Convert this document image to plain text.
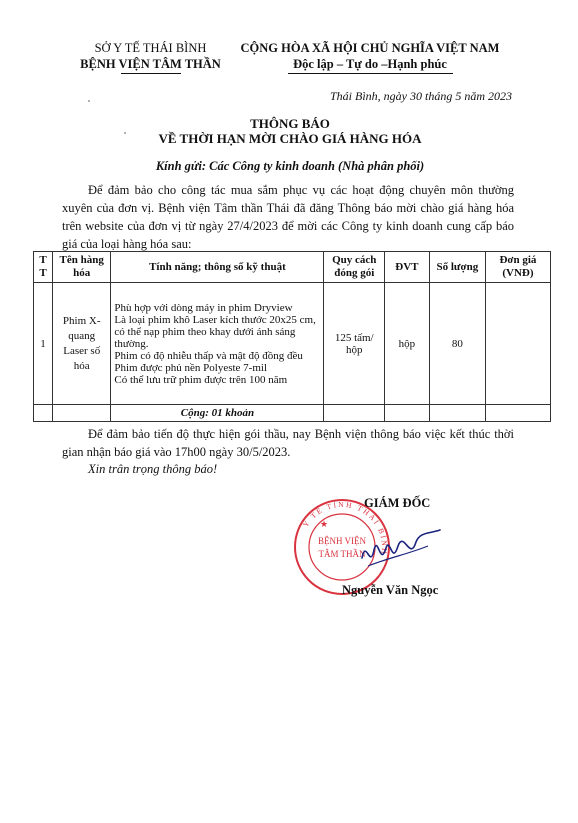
SỞ Y TẾ THÁI BÌNH
BỆNH VIỆN TÂM THẦN
CỘNG HÒA XÃ HỘI CHỦ NGHĨA VIỆT NAM
Độc lập – Tự do –Hạnh phúc
Thái Bình, ngày 30 tháng 5 năm 2023
THÔNG BÁO
VỀ THỜI HẠN MỜI CHÀO GIÁ HÀNG HÓA
Kính gửi: Các Công ty kinh doanh (Nhà phân phối)
Để đảm bảo cho công tác mua sắm phục vụ các hoạt động chuyên môn thường xuyên của đơn vị. Bệnh viện Tâm thần Thái đã đăng Thông báo mời chào giá hàng hóa trên website của đơn vị từ ngày 27/4/2023 để mời các Công ty kinh doanh cung cấp báo giá của loại hàng hóa sau:
T T	Tên hàng hóa	Tính năng; thông số kỹ thuật	Quy cách đóng gói	ĐVT	Số lượng	Đơn giá (VNĐ)
1	Phim X-quang Laser số hóa	Phù hợp với dòng máy in phim Dryview
Là loại phim khô Laser kích thước 20x25 cm, có thể nạp phim theo khay dưới ánh sáng thường.
Phim có độ nhiễu thấp và mật độ đồng đều
Phim được phủ nền Polyeste 7-mil
Có thể lưu trữ phim được trên 100 năm	125 tấm/ hộp	hộp	80	
		Cộng: 01 khoản				
Để đảm bảo tiến độ thực hiện gói thầu, nay Bệnh viện thông báo việc kết thúc thời gian nhận báo giá vào 17h00 ngày 30/5/2023.
Xin trân trọng thông báo!
Y TẾ TỈNH THÁI BÌNH
BỆNH VIỆN
TÂM THẦN
★
GIÁM ĐỐC
Nguyễn Văn Ngọc
